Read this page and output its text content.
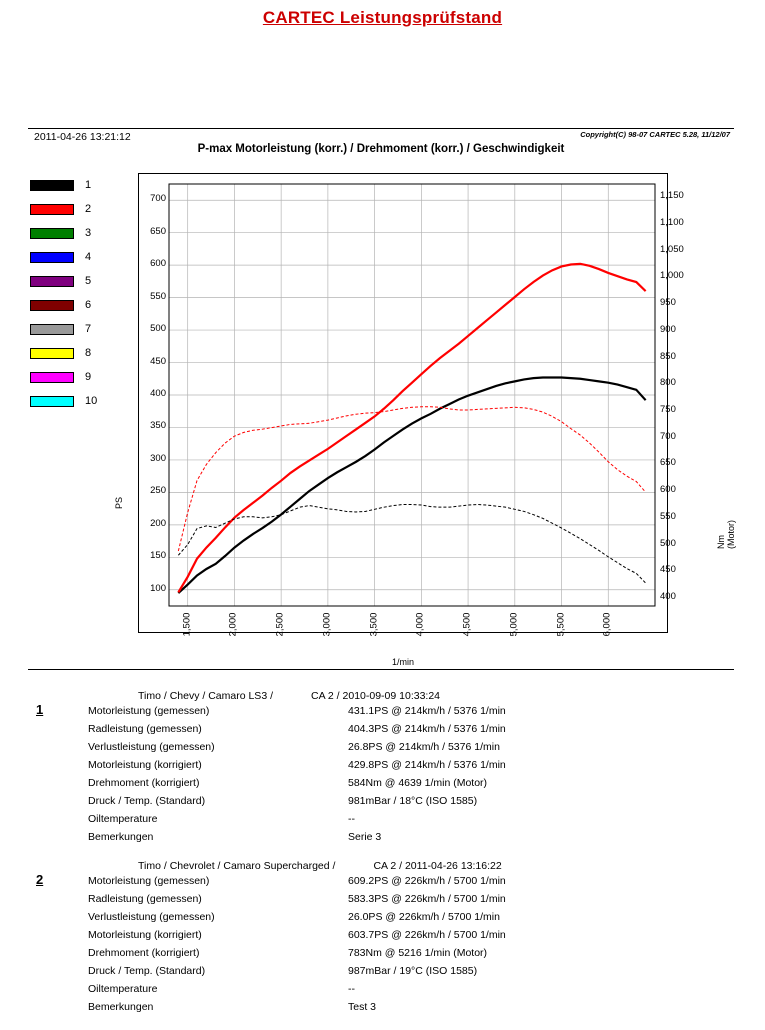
CARTEC Leistungsprüfstand
2011-04-26 13:21:12	Copyright(C) 98-07 CARTEC 5.28, 11/12/07
P-max Motorleistung (korr.) / Drehmoment (korr.) / Geschwindigkeit
1
2
3
4
5
6
7
8
9
10
100
150
200
250
300
350
400
450
500
550
600
650
700
400
450
500
550
600
650
700
750
800
850
900
950
1,000
1,050
1,100
1,150
1,500	2,000	2,500	3,000	3,500	4,000	4,500	5,000	5,500	6,000
PS
Nm (Motor)
1/min
1
Timo / Chevy / Camaro LS3 /	CA 2 / 2010-09-09 10:33:24
Motorleistung (gemessen)	431.1PS @ 214km/h / 5376 1/min
Radleistung (gemessen)	404.3PS @ 214km/h / 5376 1/min
Verlustleistung (gemessen)	26.8PS @ 214km/h / 5376 1/min
Motorleistung (korrigiert)	429.8PS @ 214km/h / 5376 1/min
Drehmoment (korrigiert)	584Nm @ 4639 1/min (Motor)
Druck / Temp. (Standard)	981mBar / 18°C (ISO 1585)
Oiltemperature	--
Bemerkungen	Serie 3
2
Timo / Chevrolet / Camaro Supercharged /	CA 2 / 2011-04-26 13:16:22
Motorleistung (gemessen)	609.2PS @ 226km/h / 5700 1/min
Radleistung (gemessen)	583.3PS @ 226km/h / 5700 1/min
Verlustleistung (gemessen)	26.0PS @ 226km/h / 5700 1/min
Motorleistung (korrigiert)	603.7PS @ 226km/h / 5700 1/min
Drehmoment (korrigiert)	783Nm @ 5216 1/min (Motor)
Druck / Temp. (Standard)	987mBar / 19°C (ISO 1585)
Oiltemperature	--
Bemerkungen	Test 3
